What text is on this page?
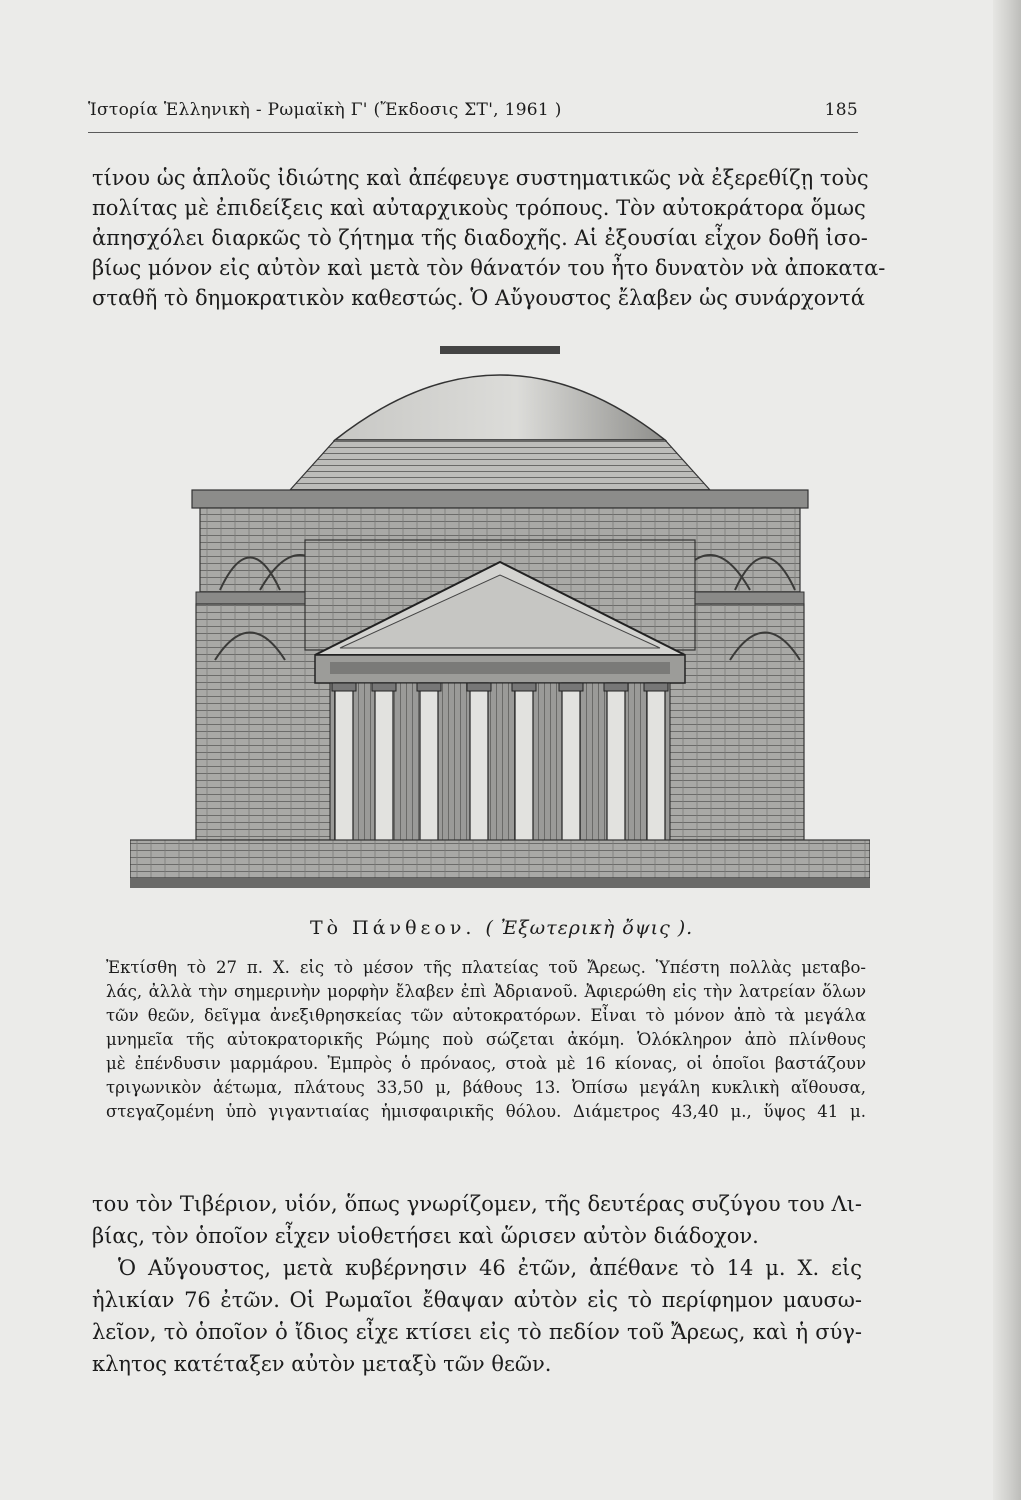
Ἱστορία Ἑλληνικὴ - Ρωμαϊκὴ Γ' (Ἔκδοσις ΣΤ', 1961 )	185
τίνου ὡς ἁπλοῦς ἰδιώτης καὶ ἀπέφευγε συστηματικῶς νὰ ἐξερεθίζῃ τοὺς
πολίτας μὲ ἐπιδείξεις καὶ αὐταρχικοὺς τρόπους. Τὸν αὐτοκράτορα ὅμως
ἀπησχόλει διαρκῶς τὸ ζήτημα τῆς διαδοχῆς. Αἱ ἐξουσίαι εἶχον δοθῆ ἰσο-
βίως μόνον εἰς αὐτὸν καὶ μετὰ τὸν θάνατόν του ἦτο δυνατὸν νὰ ἀποκατα-
σταθῆ τὸ δημοκρατικὸν καθεστώς. Ὁ Αὔγουστος ἔλαβεν ὡς συνάρχοντά
Τὸ Πάνθεον. ( Ἐξωτερικὴ ὄψις ).
Ἐκτίσθη τὸ 27 π. Χ. εἰς τὸ μέσον τῆς πλατείας τοῦ Ἄρεως. Ὑπέστη πολλὰς μεταβο-
λάς, ἀλλὰ τὴν σημερινὴν μορφὴν ἔλαβεν ἐπὶ Ἀδριανοῦ. Ἀφιερώθη εἰς τὴν λατρείαν ὅλων
τῶν θεῶν, δεῖγμα ἀνεξιθρησκείας τῶν αὐτοκρατόρων. Εἶναι τὸ μόνον ἀπὸ τὰ μεγάλα
μνημεῖα τῆς αὐτοκρατορικῆς Ρώμης ποὺ σώζεται ἀκόμη. Ὁλόκληρον ἀπὸ πλίνθους
μὲ ἐπένδυσιν μαρμάρου. Ἐμπρὸς ὁ πρόναος, στοὰ μὲ 16 κίονας, οἱ ὁποῖοι βαστάζουν
τριγωνικὸν ἀέτωμα, πλάτους 33,50 μ, βάθους 13. Ὀπίσω μεγάλη κυκλικὴ αἴθουσα,
στεγαζομένη ὑπὸ γιγαντιαίας ἡμισφαιρικῆς θόλου. Διάμετρος 43,40 μ., ὕψος 41 μ.
του τὸν Τιβέριον, υἱόν, ὅπως γνωρίζομεν, τῆς δευτέρας συζύγου του Λι-
βίας, τὸν ὁποῖον εἶχεν υἱοθετήσει καὶ ὥρισεν αὐτὸν διάδοχον.
Ὁ Αὔγουστος, μετὰ κυβέρνησιν 46 ἐτῶν, ἀπέθανε τὸ 14 μ. Χ. εἰς
ἡλικίαν 76 ἐτῶν. Οἱ Ρωμαῖοι ἔθαψαν αὐτὸν εἰς τὸ περίφημον μαυσω-
λεῖον, τὸ ὁποῖον ὁ ἴδιος εἶχε κτίσει εἰς τὸ πεδίον τοῦ Ἄρεως, καὶ ἡ σύγ-
κλητος κατέταξεν αὐτὸν μεταξὺ τῶν θεῶν.
